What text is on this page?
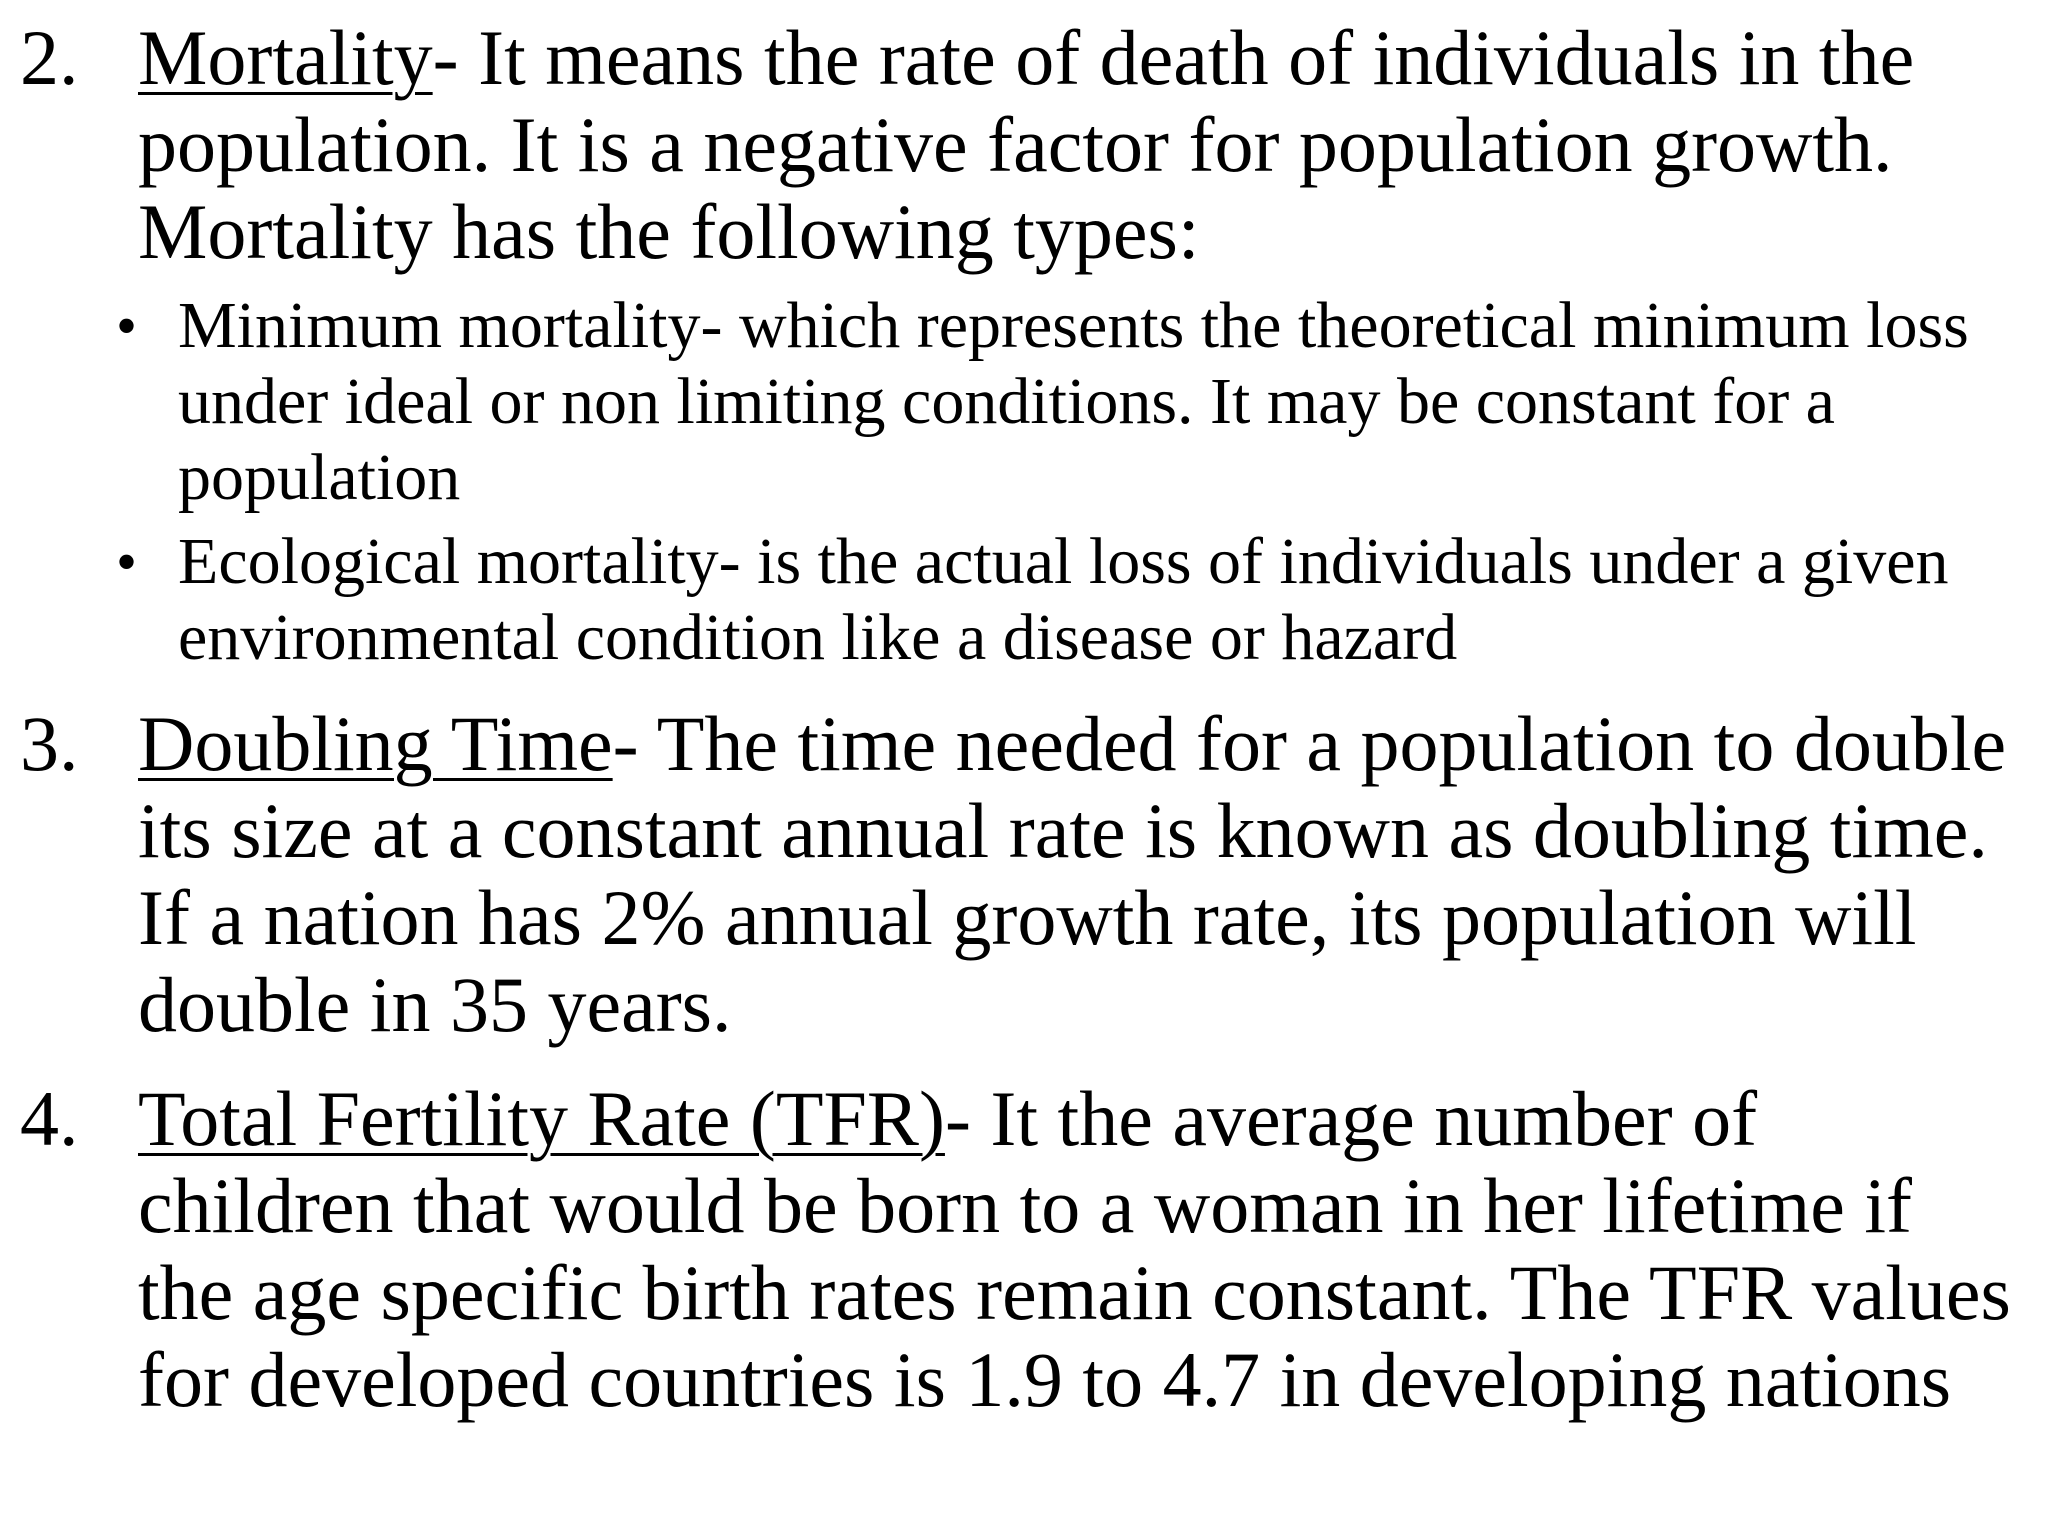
2. Mortality- It means the rate of death of individuals in the population. It is a negative factor for population growth. Mortality has the following types:
• Minimum mortality- which represents the theoretical minimum loss under ideal or non limiting conditions. It may be constant for a population
• Ecological mortality- is the actual loss of individuals under a given environmental condition like a disease or hazard
3. Doubling Time- The time needed for a population to double its size at a constant annual rate is known as doubling time. If a nation has 2% annual growth rate, its population will double in 35 years.
4. Total Fertility Rate (TFR)- It the average number of children that would be born to a woman in her lifetime if the age specific birth rates remain constant. The TFR values for developed countries is 1.9 to 4.7 in developing nations
